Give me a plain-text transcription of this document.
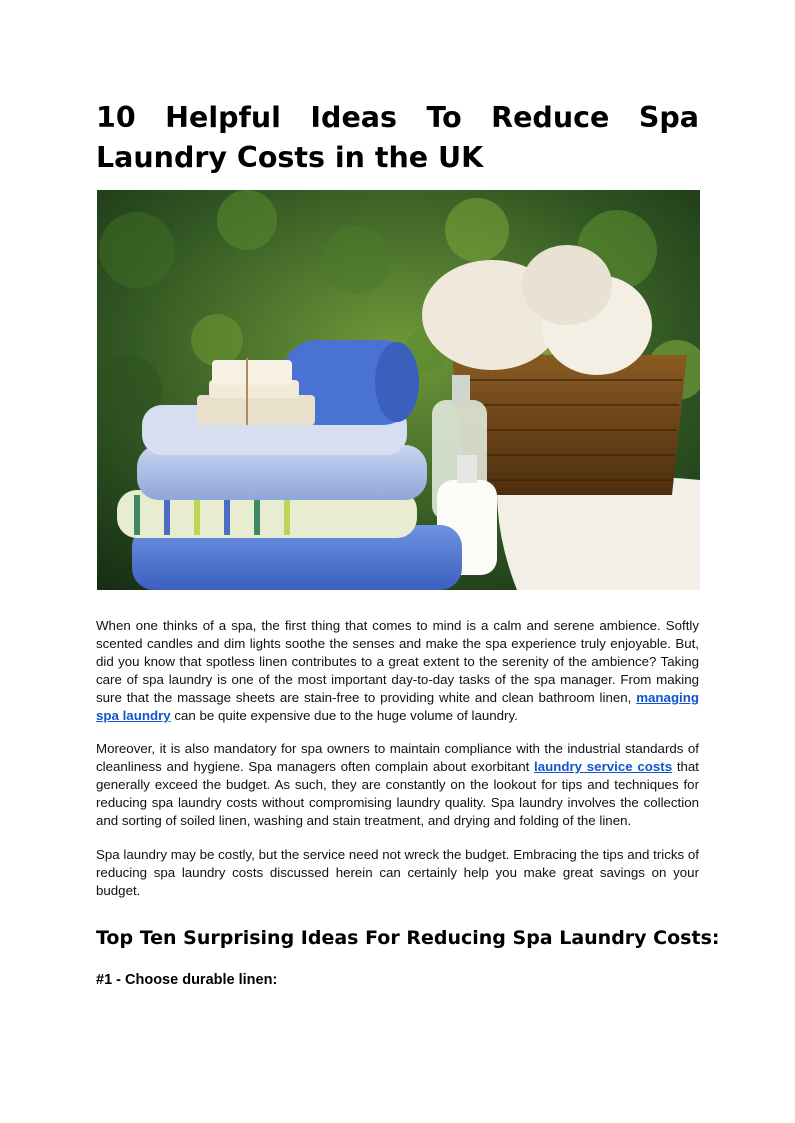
10 Helpful Ideas To Reduce Spa Laundry Costs in the UK

When one thinks of a spa, the first thing that comes to mind is a calm and serene ambience. Softly scented candles and dim lights soothe the senses and make the spa experience truly enjoyable. But, did you know that spotless linen contributes to a great extent to the serenity of the ambience? Taking care of spa laundry is one of the most important day-to-day tasks of the spa manager. From making sure that the massage sheets are stain-free to providing white and clean bathroom linen, managing spa laundry can be quite expensive due to the huge volume of laundry.

Moreover, it is also mandatory for spa owners to maintain compliance with the industrial standards of cleanliness and hygiene. Spa managers often complain about exorbitant laundry service costs that generally exceed the budget. As such, they are constantly on the lookout for tips and techniques for reducing spa laundry costs without compromising laundry quality. Spa laundry involves the collection and sorting of soiled linen, washing and stain treatment, and drying and folding of the linen.

Spa laundry may be costly, but the service need not wreck the budget. Embracing the tips and tricks of reducing spa laundry costs discussed herein can certainly help you make great savings on your budget.

Top Ten Surprising Ideas For Reducing Spa Laundry Costs:
#1 - Choose durable linen:
